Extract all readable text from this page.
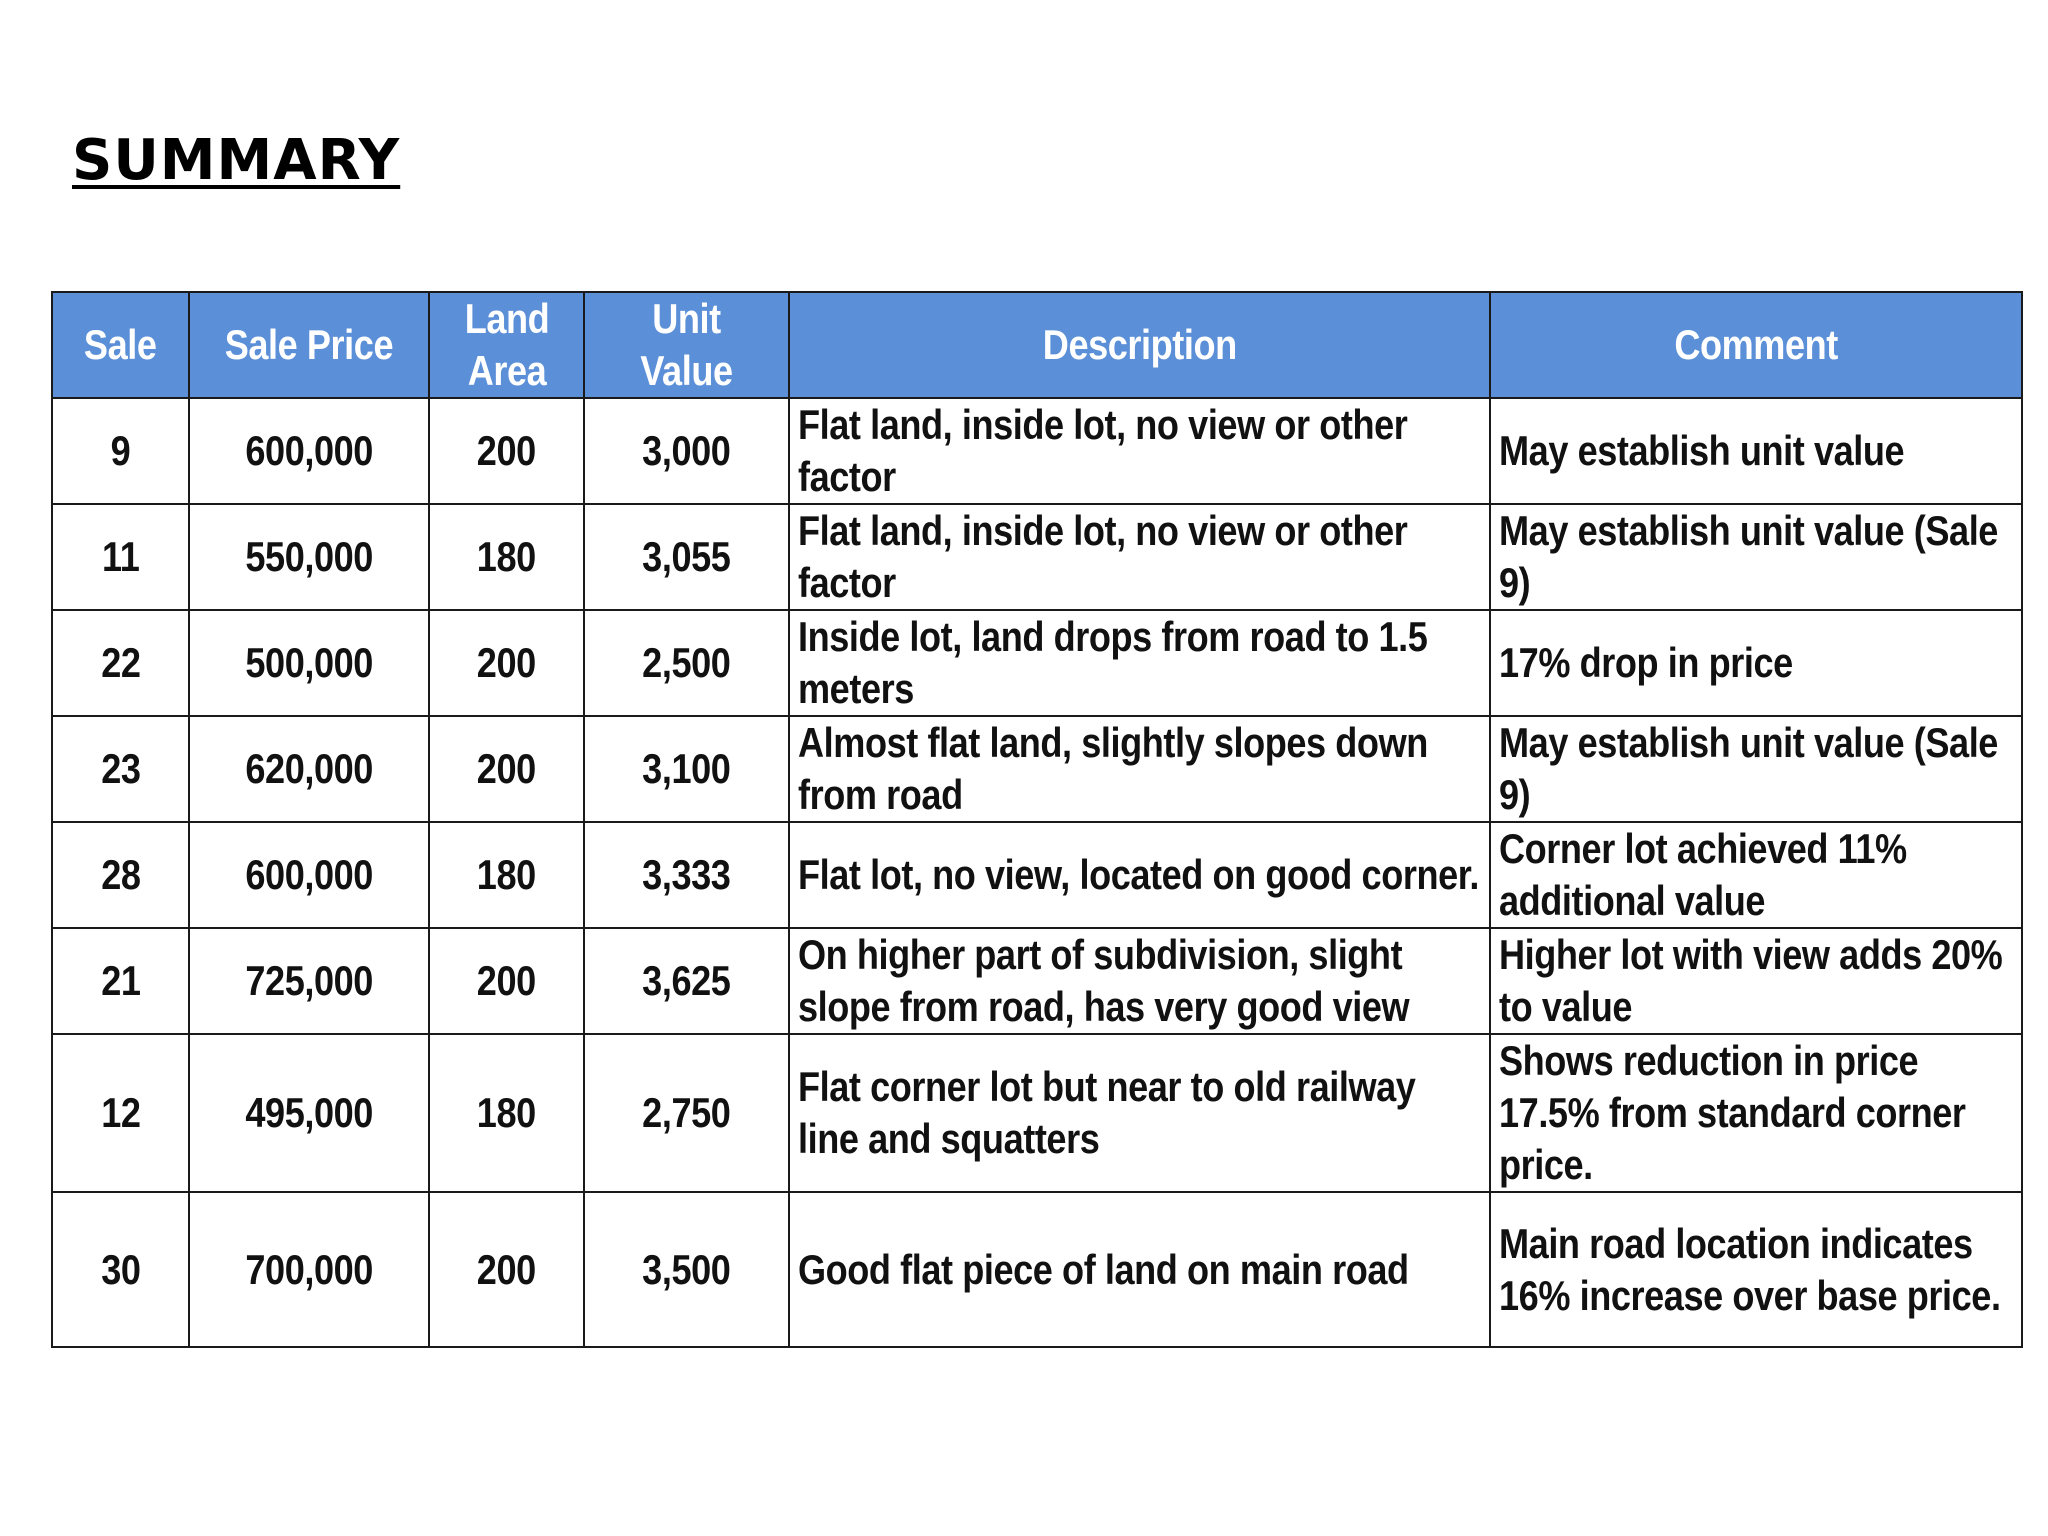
SUMMARY
Sale	Sale Price	Land Area	Unit Value	Description	Comment
9	600,000	200	3,000	Flat land, inside lot, no view or other factor	May establish unit value

11	550,000	180	3,055	Flat land, inside lot, no view or other factor	May establish unit value (Sale 9)

22	500,000	200	2,500	Inside lot, land drops from road to 1.5 meters	17% drop in price

23	620,000	200	3,100	Almost flat land, slightly slopes down from road	May establish unit value (Sale 9)

28	600,000	180	3,333	Flat lot, no view, located on good corner.	Corner lot achieved 11% additional value

21	725,000	200	3,625	On higher part of subdivision, slight slope from road, has very good view	Higher lot with view adds 20% to value

12	495,000	180	2,750	Flat corner lot but near to old railway line and squatters	Shows reduction in price 17.5% from standard corner price.

30	700,000	200	3,500	Good flat piece of land on main road	Main road location indicates 16% increase over base price.
